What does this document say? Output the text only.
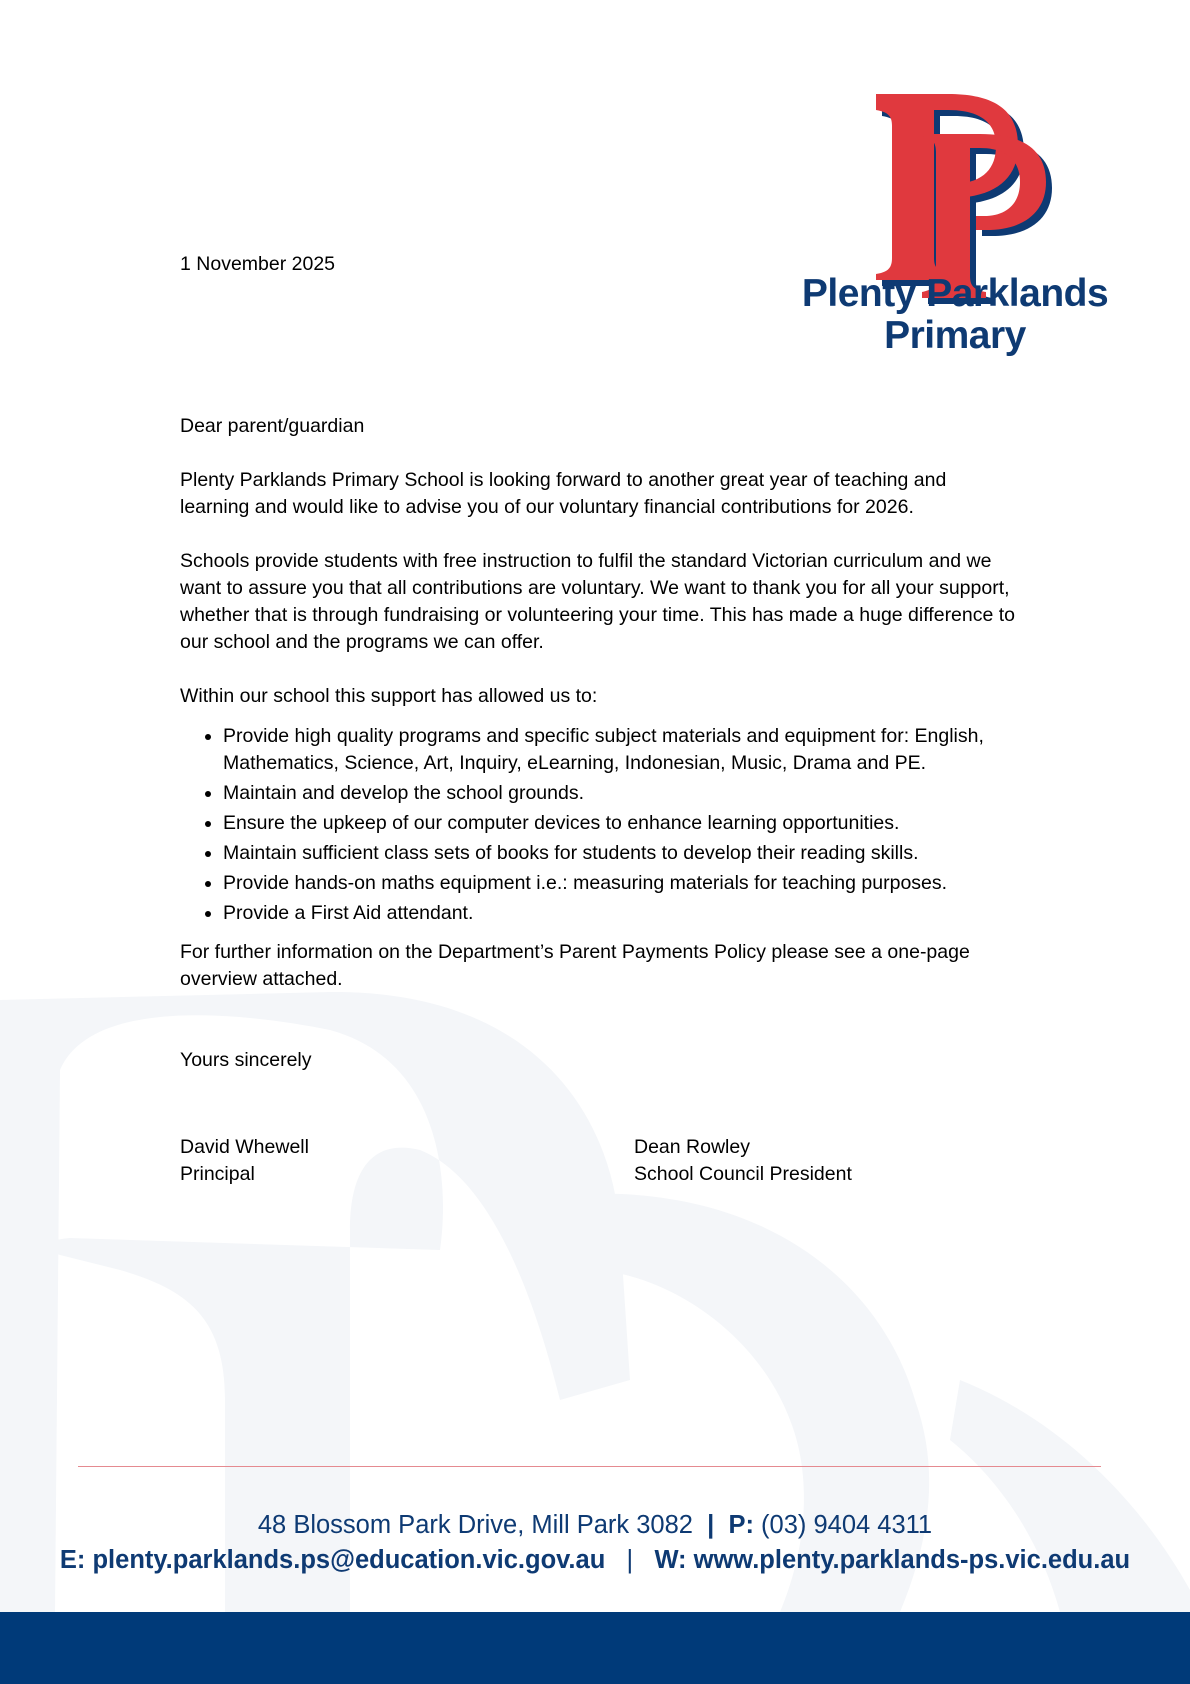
Plenty Parklands
Primary
1 November 2025

Dear parent/guardian

Plenty Parklands Primary School is looking forward to another great year of teaching and learning and would like to advise you of our voluntary financial contributions for 2026.

Schools provide students with free instruction to fulfil the standard Victorian curriculum and we want to assure you that all contributions are voluntary. We want to thank you for all your support, whether that is through fundraising or volunteering your time. This has made a huge difference to our school and the programs we can offer.

Within our school this support has allowed us to:

• Provide high quality programs and specific subject materials and equipment for: English, Mathematics, Science, Art, Inquiry, eLearning, Indonesian, Music, Drama and PE.
• Maintain and develop the school grounds.
• Ensure the upkeep of our computer devices to enhance learning opportunities.
• Maintain sufficient class sets of books for students to develop their reading skills.
• Provide hands-on maths equipment i.e.: measuring materials for teaching purposes.
• Provide a First Aid attendant.

For further information on the Department’s Parent Payments Policy please see a one-page overview attached.

Yours sincerely

David Whewell
Principal
Dean Rowley
School Council President
48 Blossom Park Drive, Mill Park 3082 | P: (03) 9404 4311
E: plenty.parklands.ps@education.vic.gov.au | W: www.plenty.parklands-ps.vic.edu.au
